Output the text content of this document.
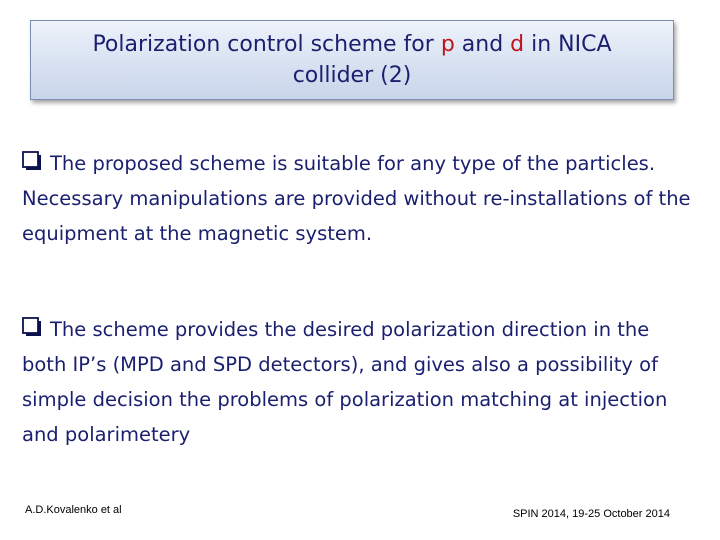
Polarization control scheme for p and d in NICA
collider (2)

The proposed scheme is suitable for any type of the particles. Necessary manipulations are provided without re-installations of the equipment at the magnetic system.

The scheme provides the desired polarization direction in the both IP’s (MPD and SPD detectors), and gives also a possibility of simple decision the problems of polarization matching at injection and polarimetery

A.D.Kovalenko et al	SPIN 2014, 19-25 October 2014
